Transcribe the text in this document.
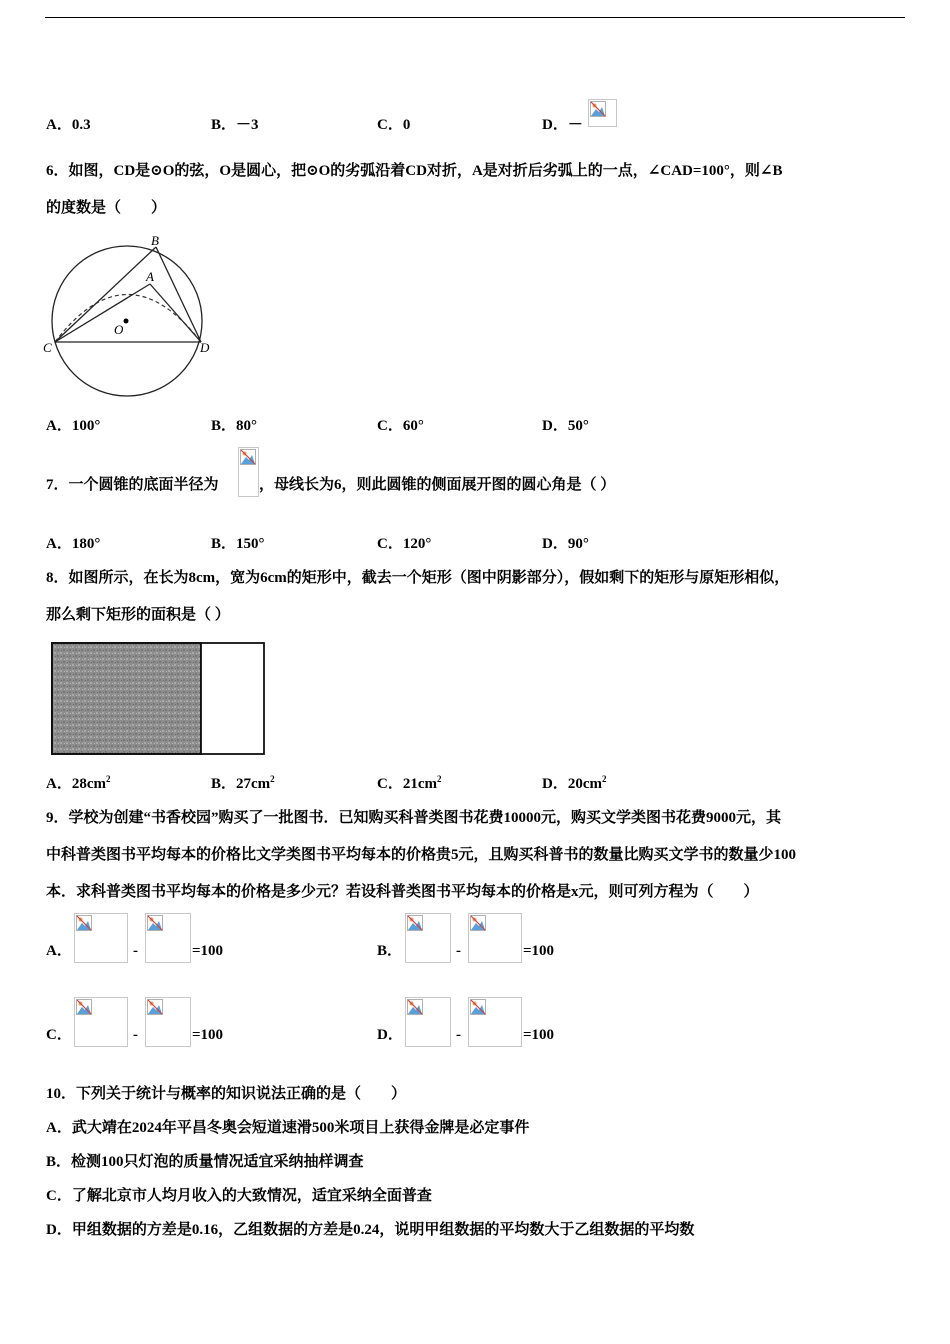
A．0.3	B．－3	C．0	D．－
6．如图，CD是⊙O的弦，O是圆心，把⊙O的劣弧沿着CD对折，A是对折后劣弧上的一点，∠CAD=100°，则∠B
的度数是（　　）
B
A
O
C	D
A．100°	B．80°	C．60°	D．50°
7．一个圆锥的底面半径为	，母线长为6，则此圆锥的侧面展开图的圆心角是（ ）
A．180°	B．150°	C．120°	D．90°
8．如图所示，在长为8cm，宽为6cm的矩形中，截去一个矩形（图中阴影部分），假如剩下的矩形与原矩形相似，
那么剩下矩形的面积是（ ）
A．$28cm^2$	B．$27cm^2$	C．$21cm^2$	D．$20cm^2$
9．学校为创建“书香校园”购买了一批图书．已知购买科普类图书花费10000元，购买文学类图书花费9000元，其
中科普类图书平均每本的价格比文学类图书平均每本的价格贵5元，且购买科普书的数量比购买文学书的数量少100
本．求科普类图书平均每本的价格是多少元？若设科普类图书平均每本的价格是x元，则可列方程为（　　）
A．	-	=100	B．	-	=100
C．	-	=100	D．	-	=100
10．下列关于统计与概率的知识说法正确的是（　　）
A．武大靖在2024年平昌冬奥会短道速滑500米项目上获得金牌是必定事件
B．检测100只灯泡的质量情况适宜采纳抽样调查
C．了解北京市人均月收入的大致情况，适宜采纳全面普查
D．甲组数据的方差是0.16，乙组数据的方差是0.24，说明甲组数据的平均数大于乙组数据的平均数
